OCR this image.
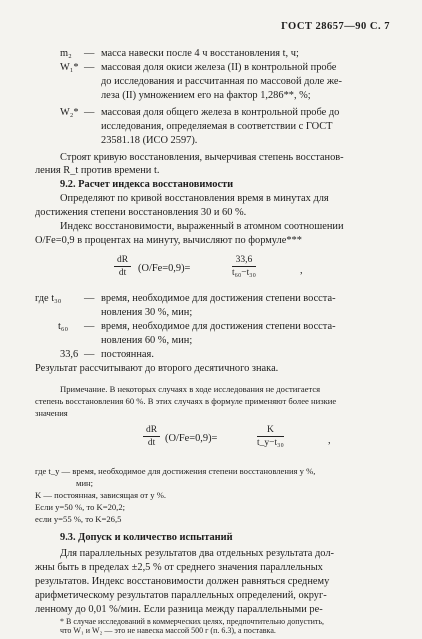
ГОСТ 28657—90 С. 7
m₂ — масса навески после 4 ч восстановления t, ч;
W₁* — массовая доля окиси железа (II) в контрольной пробе
до исследования и рассчитанная по массовой доле же-
леза (II) умножением его на фактор 1,286**, %;
W₂* — массовая доля общего железа в контрольной пробе до
исследования, определяемая в соответствии с ГОСТ
23581.18 (ИСО 2597).
Строят кривую восстановления, вычерчивая степень восстанов-
ления R_t против времени t.
9.2. Расчет индекса восстановимости
Определяют по кривой восстановления время в минутах для
достижения степени восстановления 30 и 60 %.
Индекс восстановимости, выраженный в атомном соотношении
O/Fe=0,9 в процентах на минуту, вычисляют по формуле***
dR
dt (O/Fe=0,9)=
33,6
t₆₀−t₃₀	,
где t₃₀ — время, необходимое для достижения степени восста-
новления 30 %, мин;
t₆₀ — время, необходимое для достижения степени восста-
новления 60 %, мин;
33,6 — постоянная.
Результат рассчитывают до второго десятичного знака.
Примечание. В некоторых случаях в ходе исследования не достигается
степень восстановления 60 %. В этих случаях в формуле применяют более низкие
значения
dR
dt (O/Fe=0,9)=
K
t_y−t₃₀	,
где t_y — время, необходимое для достижения степени восстановления y %,
мин;
K — постоянная, зависящая от y %.
Если y=50 %, то K=20,2;
если y=55 %, то K=26,5
9.3. Допуск и количество испытаний
Для параллельных результатов два отдельных результата дол-
жны быть в пределах ±2,5 % от среднего значения параллельных
результатов. Индекс восстановимости должен равняться среднему
арифметическому результатов параллельных определений, округ-
ленному до 0,01 %/мин. Если разница между параллельными ре-
* В случае исследований в коммерческих целях, предпочтительно допустить,
что W₁ и W₂ — это не навеска массой 500 г (п. 6.3), а поставка.
